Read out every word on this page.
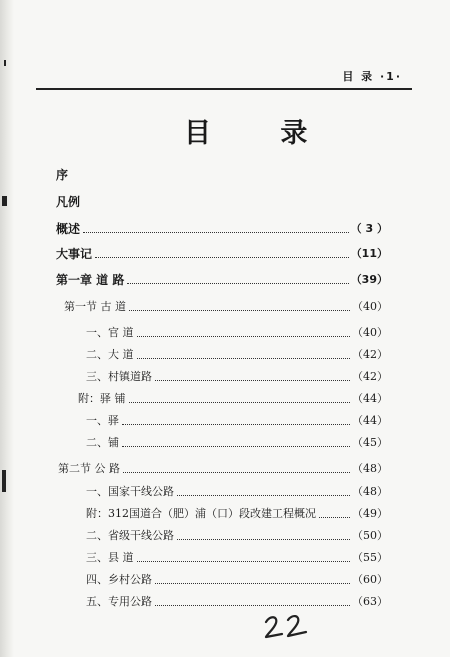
目 录 ·1·
目 录
序
凡例
概述	（ 3 ）
大事记	（11）
第一章 道 路	（39）
第一节 古 道	（40）
一、官 道	（40）
二、大 道	（42）
三、村镇道路	（42）
附：驿 铺	（44）
一、驿	（44）
二、铺	（45）
第二节 公 路	（48）
一、国家干线公路	（48）
附：312国道合（肥）浦（口）段改建工程概况	（49）
二、省级干线公路	（50）
三、县 道	（55）
四、乡村公路	（60）
五、专用公路	（63）
